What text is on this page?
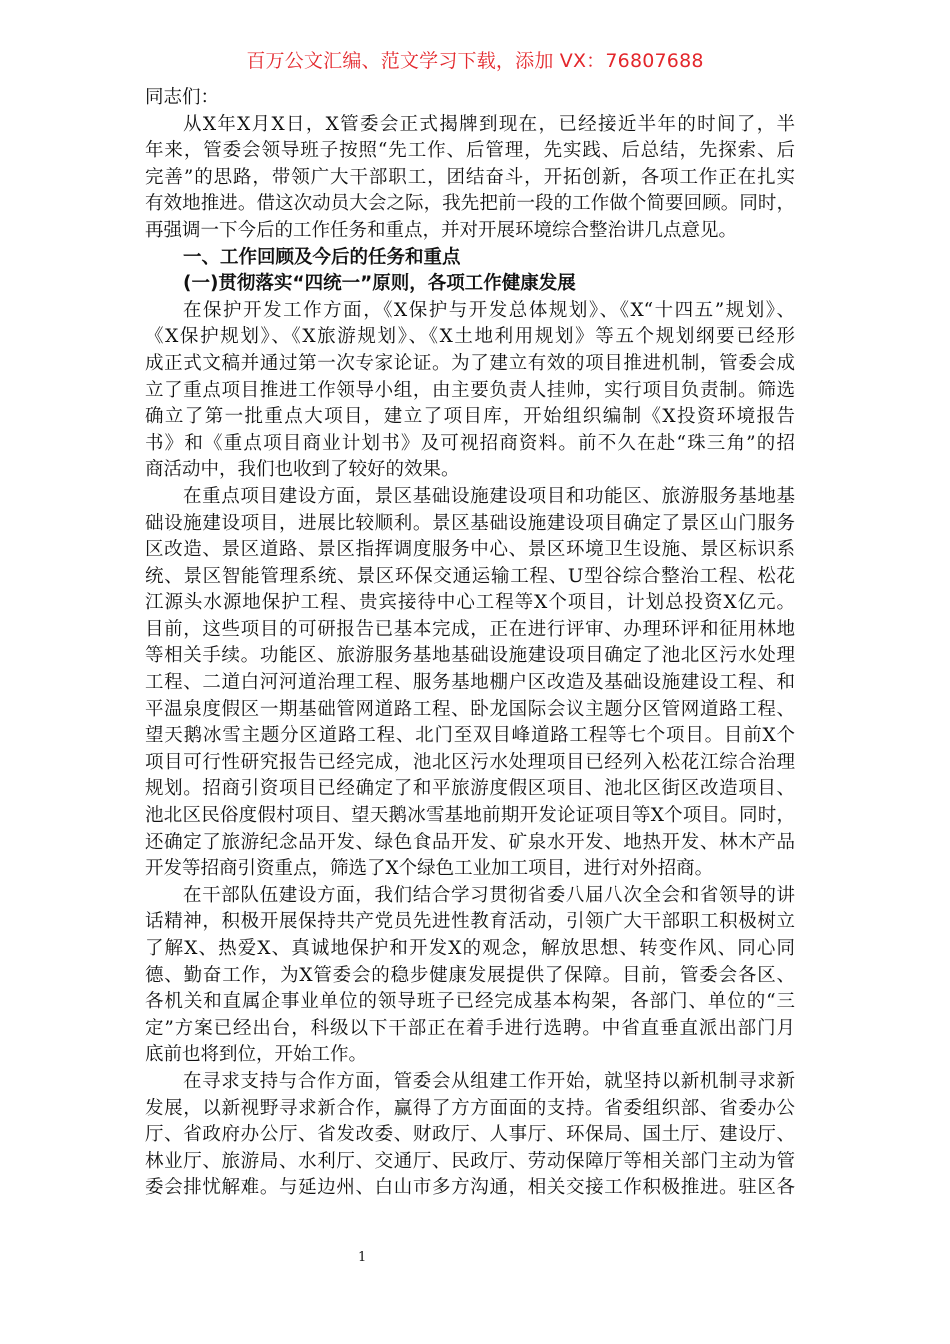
百万公文汇编、范文学习下载，添加 VX：76807688
同志们：
从X年X月X日，X管委会正式揭牌到现在，已经接近半年的时间了，半
年来，管委会领导班子按照“先工作、后管理，先实践、后总结，先探索、后
完善”的思路，带领广大干部职工，团结奋斗，开拓创新，各项工作正在扎实
有效地推进。借这次动员大会之际，我先把前一段的工作做个简要回顾。同时，
再强调一下今后的工作任务和重点，并对开展环境综合整治讲几点意见。
一、工作回顾及今后的任务和重点
(一)贯彻落实“四统一”原则，各项工作健康发展
在保护开发工作方面，《X保护与开发总体规划》、《X“十四五”规划》、
《X保护规划》、《X旅游规划》、《X土地利用规划》等五个规划纲要已经形
成正式文稿并通过第一次专家论证。为了建立有效的项目推进机制，管委会成
立了重点项目推进工作领导小组，由主要负责人挂帅，实行项目负责制。筛选
确立了第一批重点大项目，建立了项目库，开始组织编制《X投资环境报告
书》和《重点项目商业计划书》及可视招商资料。前不久在赴“珠三角”的招
商活动中，我们也收到了较好的效果。
在重点项目建设方面，景区基础设施建设项目和功能区、旅游服务基地基
础设施建设项目，进展比较顺利。景区基础设施建设项目确定了景区山门服务
区改造、景区道路、景区指挥调度服务中心、景区环境卫生设施、景区标识系
统、景区智能管理系统、景区环保交通运输工程、U型谷综合整治工程、松花
江源头水源地保护工程、贵宾接待中心工程等X个项目，计划总投资X亿元。
目前，这些项目的可研报告已基本完成，正在进行评审、办理环评和征用林地
等相关手续。功能区、旅游服务基地基础设施建设项目确定了池北区污水处理
工程、二道白河河道治理工程、服务基地棚户区改造及基础设施建设工程、和
平温泉度假区一期基础管网道路工程、卧龙国际会议主题分区管网道路工程、
望天鹅冰雪主题分区道路工程、北门至双目峰道路工程等七个项目。目前X个
项目可行性研究报告已经完成，池北区污水处理项目已经列入松花江综合治理
规划。招商引资项目已经确定了和平旅游度假区项目、池北区街区改造项目、
池北区民俗度假村项目、望天鹅冰雪基地前期开发论证项目等X个项目。同时，
还确定了旅游纪念品开发、绿色食品开发、矿泉水开发、地热开发、林木产品
开发等招商引资重点，筛选了X个绿色工业加工项目，进行对外招商。
在干部队伍建设方面，我们结合学习贯彻省委八届八次全会和省领导的讲
话精神，积极开展保持共产党员先进性教育活动，引领广大干部职工积极树立
了解X、热爱X、真诚地保护和开发X的观念，解放思想、转变作风、同心同
德、勤奋工作，为X管委会的稳步健康发展提供了保障。目前，管委会各区、
各机关和直属企事业单位的领导班子已经完成基本构架，各部门、单位的“三
定”方案已经出台，科级以下干部正在着手进行选聘。中省直垂直派出部门月
底前也将到位，开始工作。
在寻求支持与合作方面，管委会从组建工作开始，就坚持以新机制寻求新
发展，以新视野寻求新合作，赢得了方方面面的支持。省委组织部、省委办公
厅、省政府办公厅、省发改委、财政厅、人事厅、环保局、国土厅、建设厅、
林业厅、旅游局、水利厅、交通厅、民政厅、劳动保障厅等相关部门主动为管
委会排忧解难。与延边州、白山市多方沟通，相关交接工作积极推进。驻区各
1
